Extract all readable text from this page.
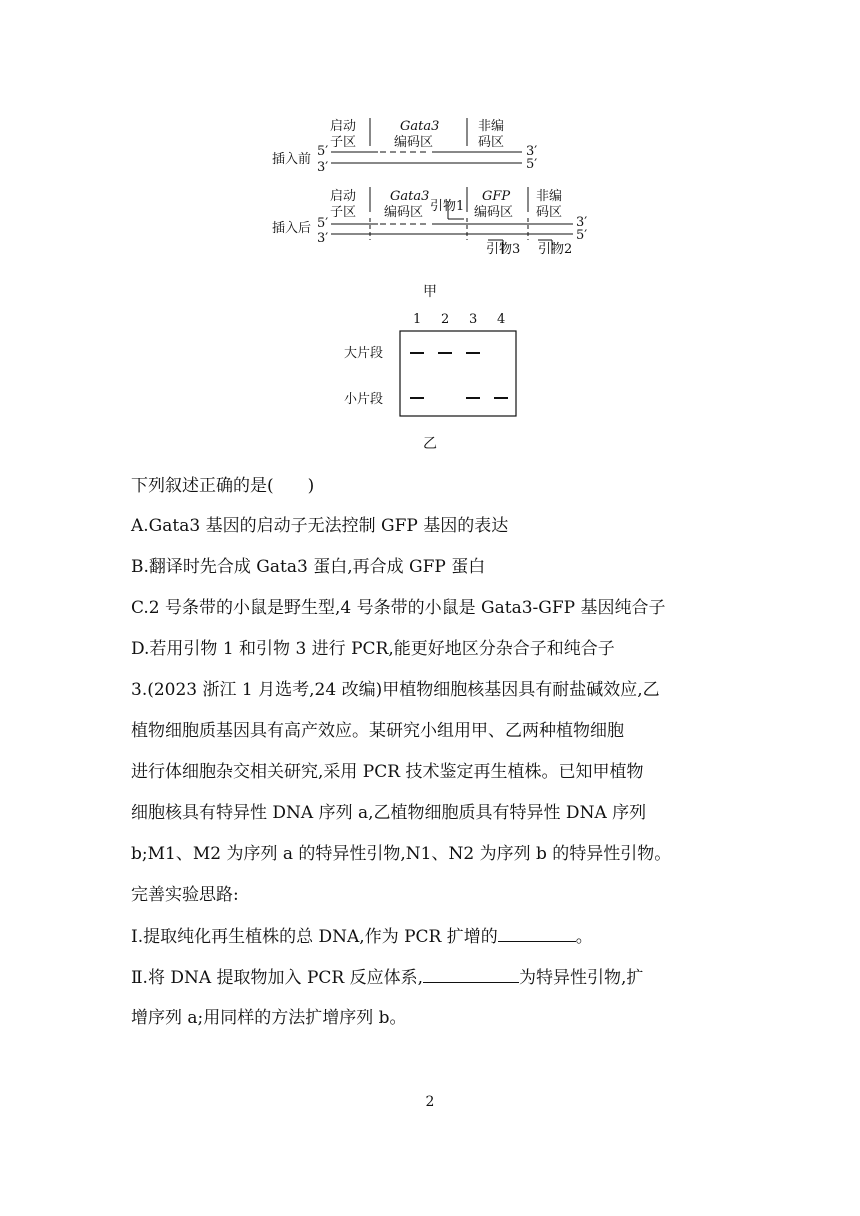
启动
子区
Gata3
编码区
非编
码区
插入前
5′
3′
3′
5′
启动
子区
Gata3
编码区 引物1
GFP
编码区
非编
码区
插入后 5′
3′
3′
5′
引物3 引物2
甲
1 2 3 4
大片段
小片段
乙
下列叙述正确的是(　　)
A.Gata3 基因的启动子无法控制 GFP 基因的表达
B.翻译时先合成 Gata3 蛋白,再合成 GFP 蛋白
C.2 号条带的小鼠是野生型,4 号条带的小鼠是 Gata3-GFP 基因纯合子
D.若用引物 1 和引物 3 进行 PCR,能更好地区分杂合子和纯合子
3.(2023 浙江 1 月选考,24 改编)甲植物细胞核基因具有耐盐碱效应,乙
植物细胞质基因具有高产效应。某研究小组用甲、乙两种植物细胞
进行体细胞杂交相关研究,采用 PCR 技术鉴定再生植株。已知甲植物
细胞核具有特异性 DNA 序列 a,乙植物细胞质具有特异性 DNA 序列
b;M1、M2 为序列 a 的特异性引物,N1、N2 为序列 b 的特异性引物。
完善实验思路:
Ⅰ.提取纯化再生植株的总 DNA,作为 PCR 扩增的	。
Ⅱ.将 DNA 提取物加入 PCR 反应体系,	为特异性引物,扩
增序列 a;用同样的方法扩增序列 b。
2
